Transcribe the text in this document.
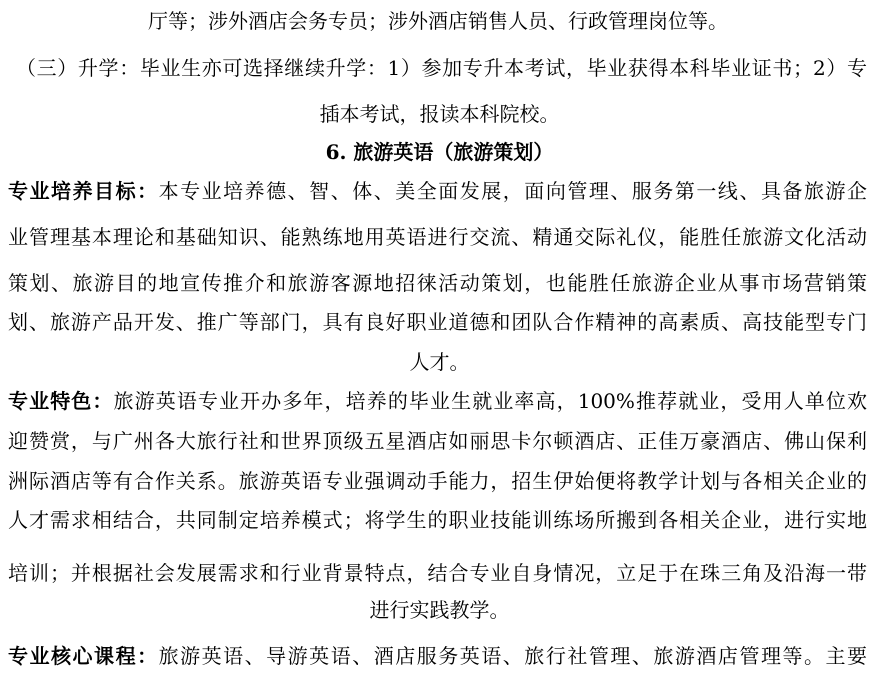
厅等；涉外酒店会务专员；涉外酒店销售人员、行政管理岗位等。
（三）升学：毕业生亦可选择继续升学：1）参加专升本考试，毕业获得本科毕业证书；2）专
插本考试，报读本科院校。
6. 旅游英语（旅游策划）
专业培养目标：本专业培养德、智、体、美全面发展，面向管理、服务第一线、具备旅游企
业管理基本理论和基础知识、能熟练地用英语进行交流、精通交际礼仪，能胜任旅游文化活动
策划、旅游目的地宣传推介和旅游客源地招徕活动策划，也能胜任旅游企业从事市场营销策
划、旅游产品开发、推广等部门，具有良好职业道德和团队合作精神的高素质、高技能型专门
人才。
专业特色：旅游英语专业开办多年，培养的毕业生就业率高，100%推荐就业，受用人单位欢
迎赞赏，与广州各大旅行社和世界顶级五星酒店如丽思卡尔顿酒店、正佳万豪酒店、佛山保利
洲际酒店等有合作关系。旅游英语专业强调动手能力，招生伊始便将教学计划与各相关企业的
人才需求相结合，共同制定培养模式；将学生的职业技能训练场所搬到各相关企业，进行实地
培训；并根据社会发展需求和行业背景特点，结合专业自身情况，立足于在珠三角及沿海一带
进行实践教学。
专业核心课程：旅游英语、导游英语、酒店服务英语、旅行社管理、旅游酒店管理等。主要
